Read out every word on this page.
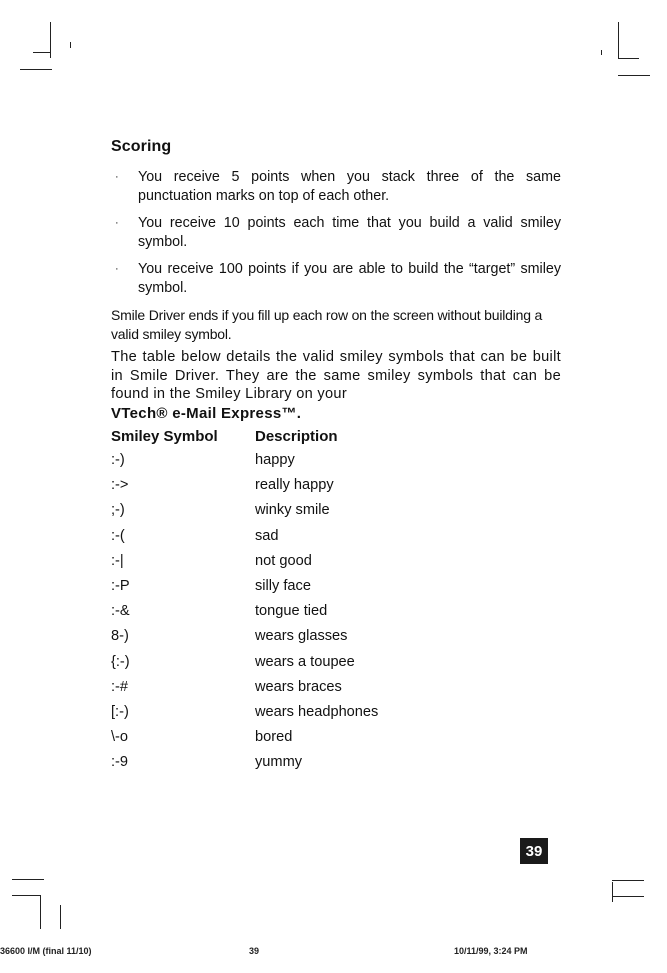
Scoring
· You receive 5 points when you stack three of the same punctuation marks on top of each other.
· You receive 10 points each time that you build a valid smiley symbol.
· You receive 100 points if you are able to build the “target” smiley symbol.

Smile Driver ends if you fill up each row on the screen without building a valid smiley symbol.

The table below details the valid smiley symbols that can be built in Smile Driver. They are the same smiley symbols that can be found in the Smiley Library on your
VTech® e-Mail Express™.

Smiley Symbol	Description
:-)	happy
:->	really happy
;-)	winky smile
:-(	sad
:-|	not good
:-P	silly face
:-&	tongue tied
8-)	wears glasses
{:-)	wears a toupee
:-#	wears braces
[:-)	wears headphones
\-o	bored
:-9	yummy
39
36600 I/M (final 11/10)	39	10/11/99, 3:24 PM
